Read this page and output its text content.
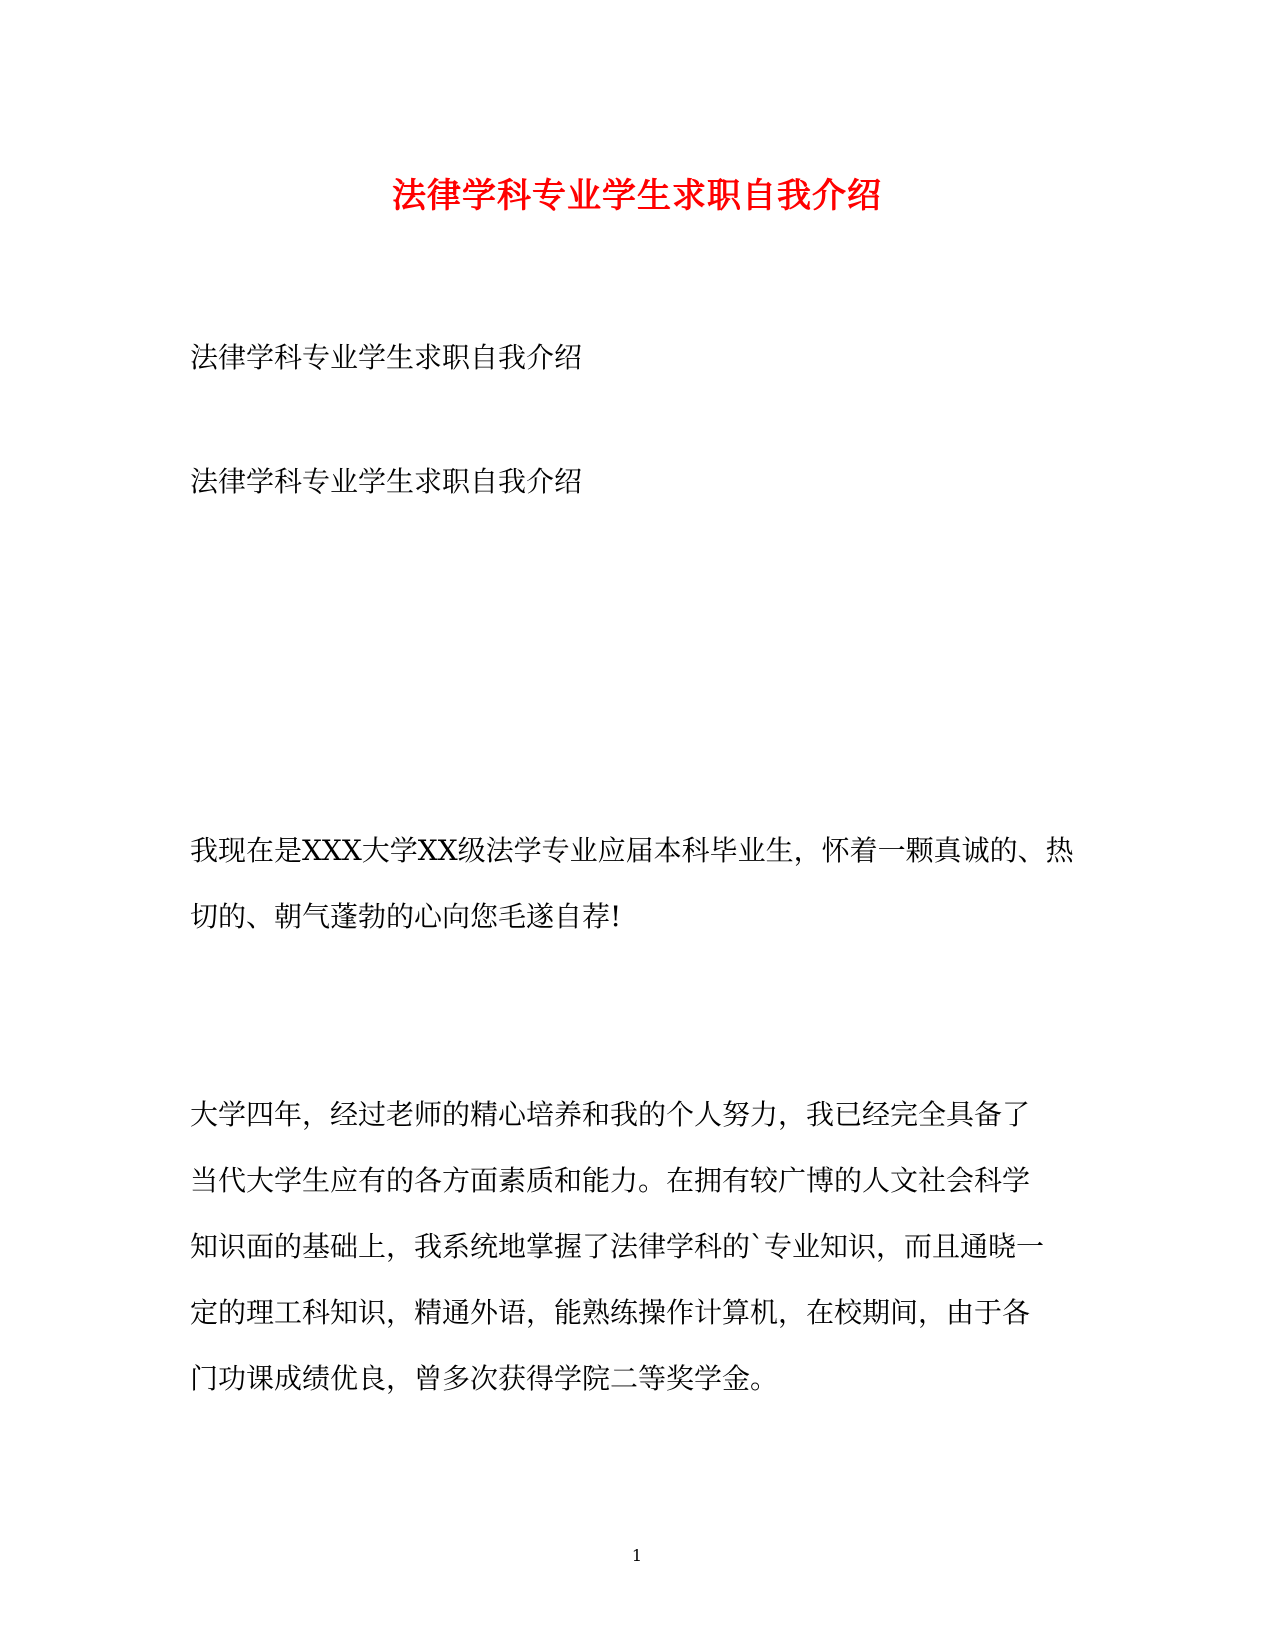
法律学科专业学生求职自我介绍

法律学科专业学生求职自我介绍

法律学科专业学生求职自我介绍

我现在是XXX大学XX级法学专业应届本科毕业生，怀着一颗真诚的、热
切的、朝气蓬勃的心向您毛遂自荐!
大学四年，经过老师的精心培养和我的个人努力，我已经完全具备了
当代大学生应有的各方面素质和能力。在拥有较广博的人文社会科学
知识面的基础上，我系统地掌握了法律学科的`专业知识，而且通晓一
定的理工科知识，精通外语，能熟练操作计算机，在校期间，由于各
门功课成绩优良，曾多次获得学院二等奖学金。

1
